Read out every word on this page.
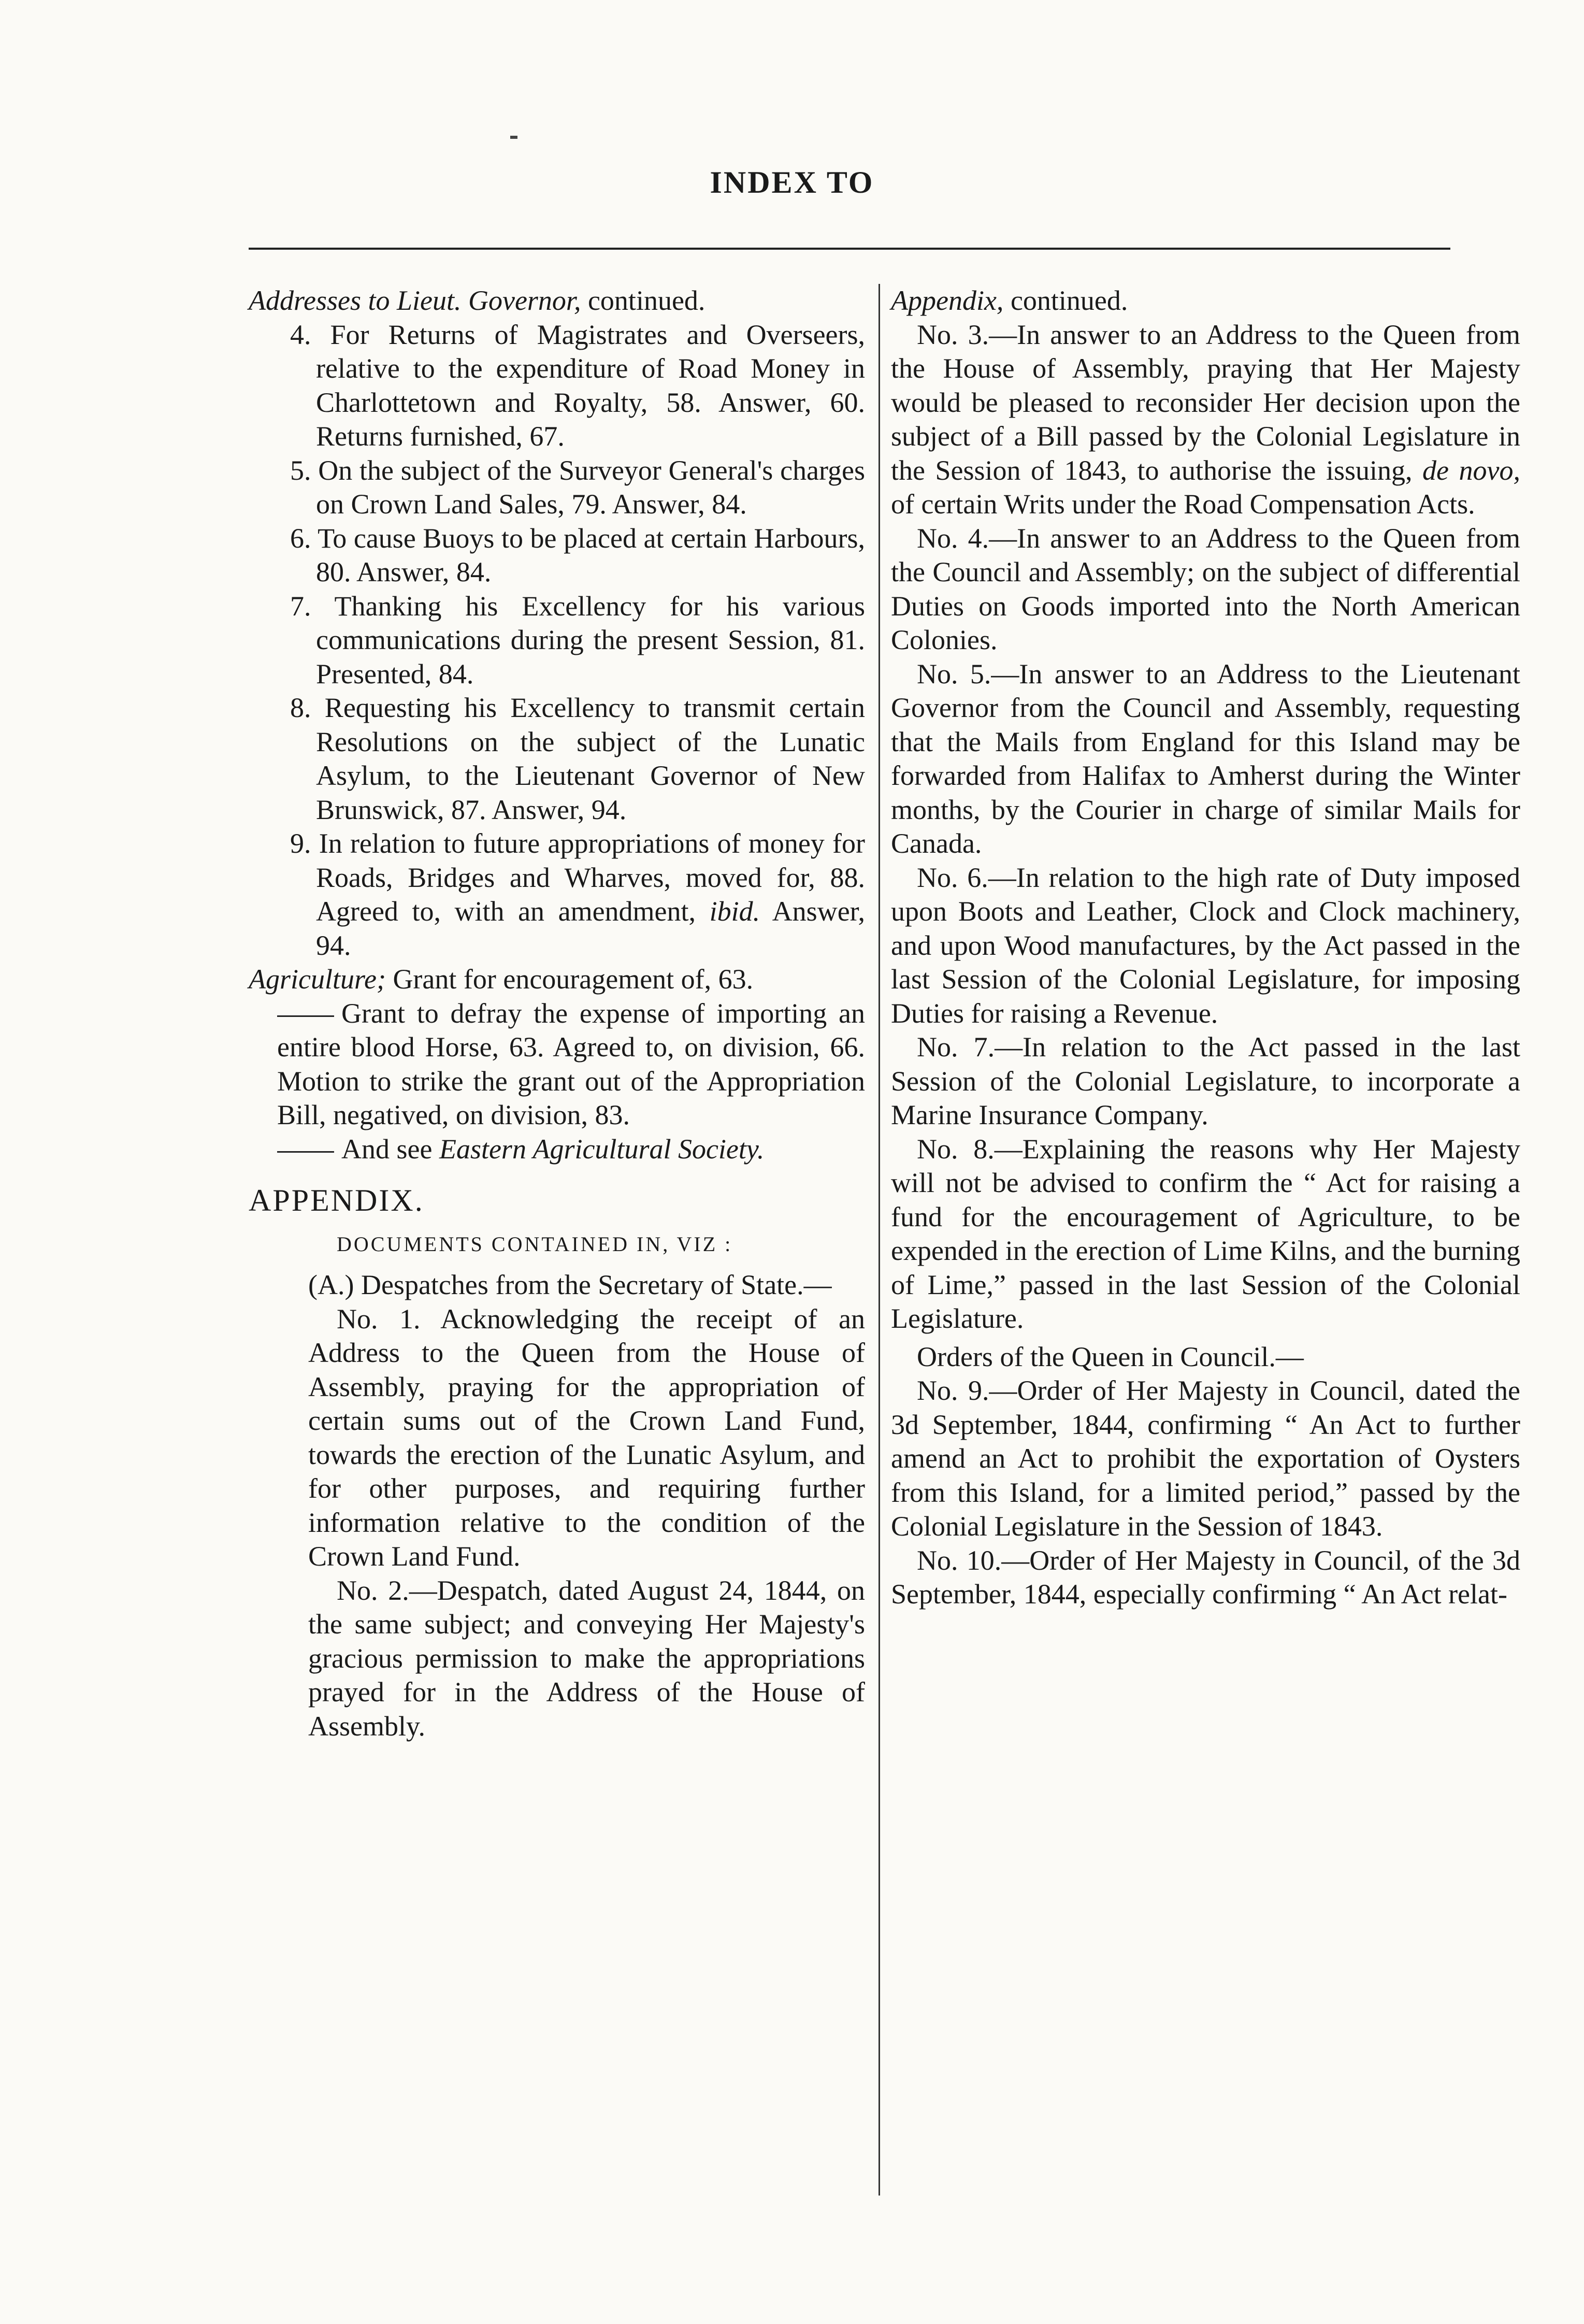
INDEX TO

Addresses to Lieut. Governor, continued.

4. For Returns of Magistrates and Overseers, relative to the expenditure of Road Money in Charlottetown and Royalty, 58. Answer, 60. Returns furnished, 67.

5. On the subject of the Surveyor General's charges on Crown Land Sales, 79. Answer, 84.

6. To cause Buoys to be placed at certain Harbours, 80. Answer, 84.

7. Thanking his Excellency for his various communications during the present Session, 81. Presented, 84.

8. Requesting his Excellency to transmit certain Resolutions on the subject of the Lunatic Asylum, to the Lieutenant Governor of New Brunswick, 87. Answer, 94.

9. In relation to future appropriations of money for Roads, Bridges and Wharves, moved for, 88. Agreed to, with an amendment, ibid. Answer, 94.

Agriculture; Grant for encouragement of, 63.

Grant to defray the expense of importing an entire blood Horse, 63. Agreed to, on division, 66. Motion to strike the grant out of the Appropriation Bill, negatived, on division, 83.

And see Eastern Agricultural Society.

APPENDIX.
DOCUMENTS CONTAINED IN, VIZ :

(A.) Despatches from the Secretary of State.—

No. 1. Acknowledging the receipt of an Address to the Queen from the House of Assembly, praying for the appropriation of certain sums out of the Crown Land Fund, towards the erection of the Lunatic Asylum, and for other purposes, and requiring further information relative to the condition of the Crown Land Fund.

No. 2.—Despatch, dated August 24, 1844, on the same subject; and conveying Her Majesty's gracious permission to make the appropriations prayed for in the Address of the House of Assembly.

Appendix, continued.

No. 3.—In answer to an Address to the Queen from the House of Assembly, praying that Her Majesty would be pleased to reconsider Her decision upon the subject of a Bill passed by the Colonial Legislature in the Session of 1843, to authorise the issuing, de novo, of certain Writs under the Road Compensation Acts.

No. 4.—In answer to an Address to the Queen from the Council and Assembly; on the subject of differential Duties on Goods imported into the North American Colonies.

No. 5.—In answer to an Address to the Lieutenant Governor from the Council and Assembly, requesting that the Mails from England for this Island may be forwarded from Halifax to Amherst during the Winter months, by the Courier in charge of similar Mails for Canada.

No. 6.—In relation to the high rate of Duty imposed upon Boots and Leather, Clock and Clock machinery, and upon Wood manufactures, by the Act passed in the last Session of the Colonial Legislature, for imposing Duties for raising a Revenue.

No. 7.—In relation to the Act passed in the last Session of the Colonial Legislature, to incorporate a Marine Insurance Company.

No. 8.—Explaining the reasons why Her Majesty will not be advised to confirm the “ Act for raising a fund for the encouragement of Agriculture, to be expended in the erection of Lime Kilns, and the burning of Lime,” passed in the last Session of the Colonial Legislature.

Orders of the Queen in Council.—

No. 9.—Order of Her Majesty in Council, dated the 3d September, 1844, confirming “ An Act to further amend an Act to prohibit the exportation of Oysters from this Island, for a limited period,” passed by the Colonial Legislature in the Session of 1843.

No. 10.—Order of Her Majesty in Council, of the 3d September, 1844, especially confirming “ An Act relat-
